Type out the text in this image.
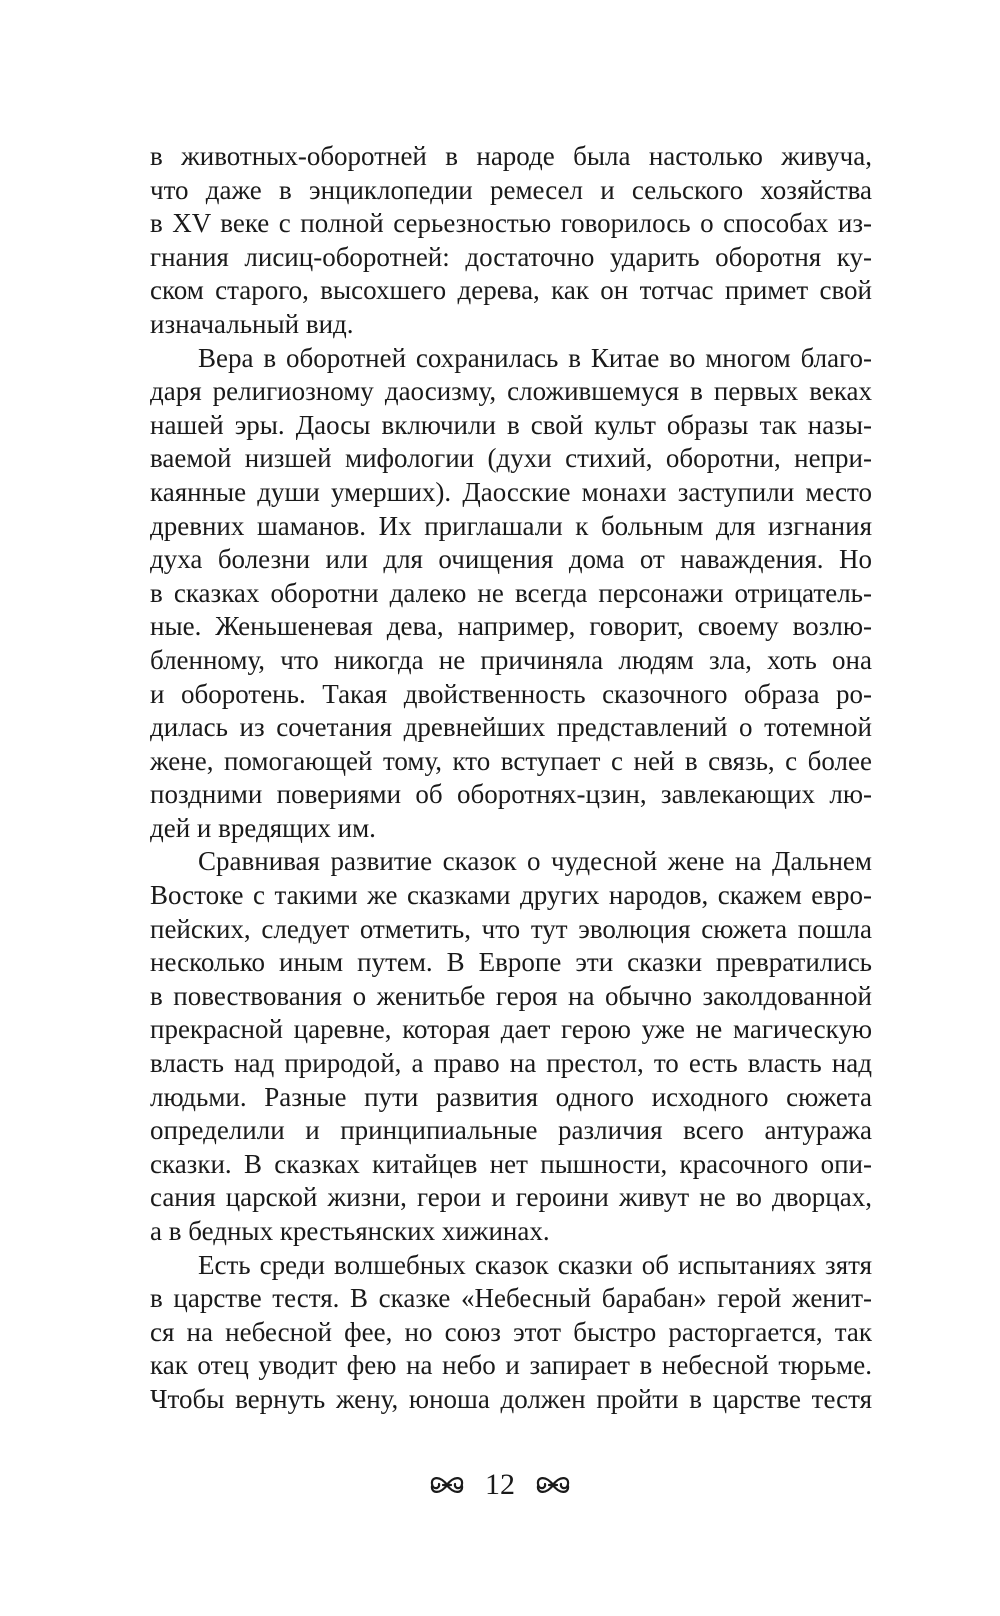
в животных-оборотней в народе была настолько живуча,
что даже в энциклопедии ремесел и сельского хозяйства
в XV веке с полной серьезностью говорилось о способах из-
гнания лисиц-оборотней: достаточно ударить оборотня ку-
ском старого, высохшего дерева, как он тотчас примет свой
изначальный вид.
Вера в оборотней сохранилась в Китае во многом благо-
даря религиозному даосизму, сложившемуся в первых веках
нашей эры. Даосы включили в свой культ образы так назы-
ваемой низшей мифологии (духи стихий, оборотни, непри-
каянные души умерших). Даосские монахи заступили место
древних шаманов. Их приглашали к больным для изгнания
духа болезни или для очищения дома от наваждения. Но
в сказках оборотни далеко не всегда персонажи отрицатель-
ные. Женьшеневая дева, например, говорит, своему возлю-
бленному, что никогда не причиняла людям зла, хоть она
и оборотень. Такая двойственность сказочного образа ро-
дилась из сочетания древнейших представлений о тотемной
жене, помогающей тому, кто вступает с ней в связь, с более
поздними повериями об оборотнях-цзин, завлекающих лю-
дей и вредящих им.
Сравнивая развитие сказок о чудесной жене на Дальнем
Востоке с такими же сказками других народов, скажем евро-
пейских, следует отметить, что тут эволюция сюжета пошла
несколько иным путем. В Европе эти сказки превратились
в повествования о женитьбе героя на обычно заколдованной
прекрасной царевне, которая дает герою уже не магическую
власть над природой, а право на престол, то есть власть над
людьми. Разные пути развития одного исходного сюжета
определили и принципиальные различия всего антуража
сказки. В сказках китайцев нет пышности, красочного опи-
сания царской жизни, герои и героини живут не во дворцах,
а в бедных крестьянских хижинах.
Есть среди волшебных сказок сказки об испытаниях зятя
в царстве тестя. В сказке «Небесный барабан» герой женит-
ся на небесной фее, но союз этот быстро расторгается, так
как отец уводит фею на небо и запирает в небесной тюрьме.
Чтобы вернуть жену, юноша должен пройти в царстве тестя
12
